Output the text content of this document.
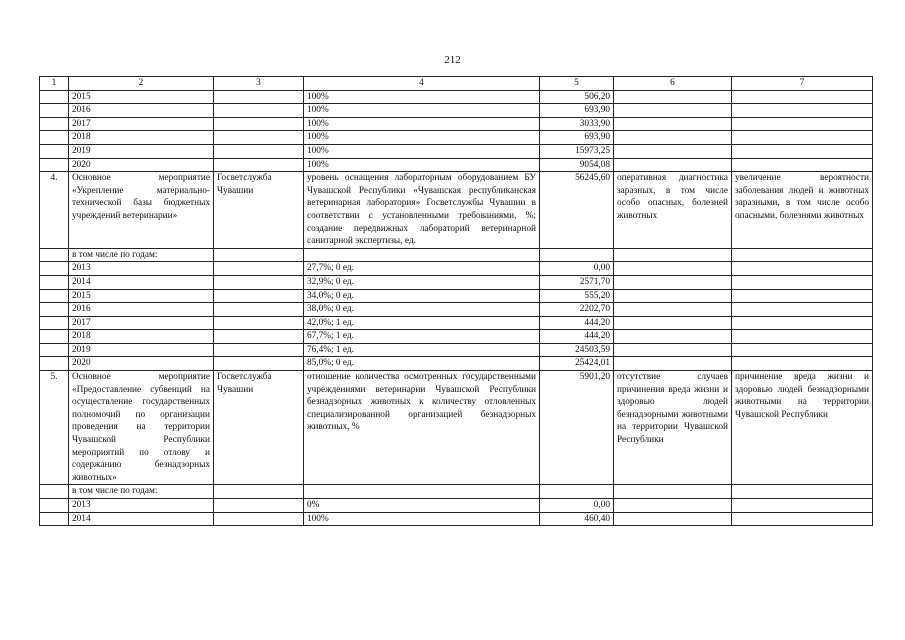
212
1	2	3	4	5	6	7
	2015		100%	506,20		
	2016		100%	693,90		
	2017		100%	3033,90		
	2018		100%	693,90		
	2019		100%	15973,25		
	2020		100%	9054,08		
4.	Основное мероприятие «Укрепление материально-технической базы бюджетных учреждений ветеринарии»	Госветслужба Чувашии	уровень оснащения лабораторным оборудованием БУ Чувашской Республики «Чувашская республиканская ветеринарная лаборатория» Госветслужбы Чувашии в соответствии с установленными требованиями, %; создание передвижных лабораторий ветеринарной санитарной экспертизы, ед.	56245,60	оперативная диагностика заразных, в том числе особо опасных, болезней животных	увеличение вероятности заболевания людей и животных заразными, в том числе особо опасными, болезнями животных
	в том числе по годам:					
	2013		27,7%; 0 ед.	0,00		
	2014		32,9%; 0 ед.	2571,70		
	2015		34,0%; 0 ед.	555,20		
	2016		38,0%; 0 ед.	2202,70		
	2017		42,0%; 1 ед.	444,20		
	2018		67,7%; 1 ед.	444,20		
	2019		76,4%; 1 ед.	24503,59		
	2020		85,0%; 0 ед.	25424,01		
5.	Основное мероприятие «Предоставление субвенций на осуществление государственных полномочий по организации проведения на территории Чувашской Республики мероприятий по отлову и содержанию безнадзорных животных»	Госветслужба Чувашии	отношение количества осмотренных государственными учреждениями ветеринарии Чувашской Республики безнадзорных животных к количеству отловленных специализированной организацией безнадзорных животных, %	5901,20	отсутствие случаев причинения вреда жизни и здоровью людей безнадзорными животными на территории Чувашской Республики	причинение вреда жизни и здоровью людей безнадзорными животными на территории Чувашской Республики
	в том числе по годам:					
	2013		0%	0,00		
	2014		100%	460,40		
